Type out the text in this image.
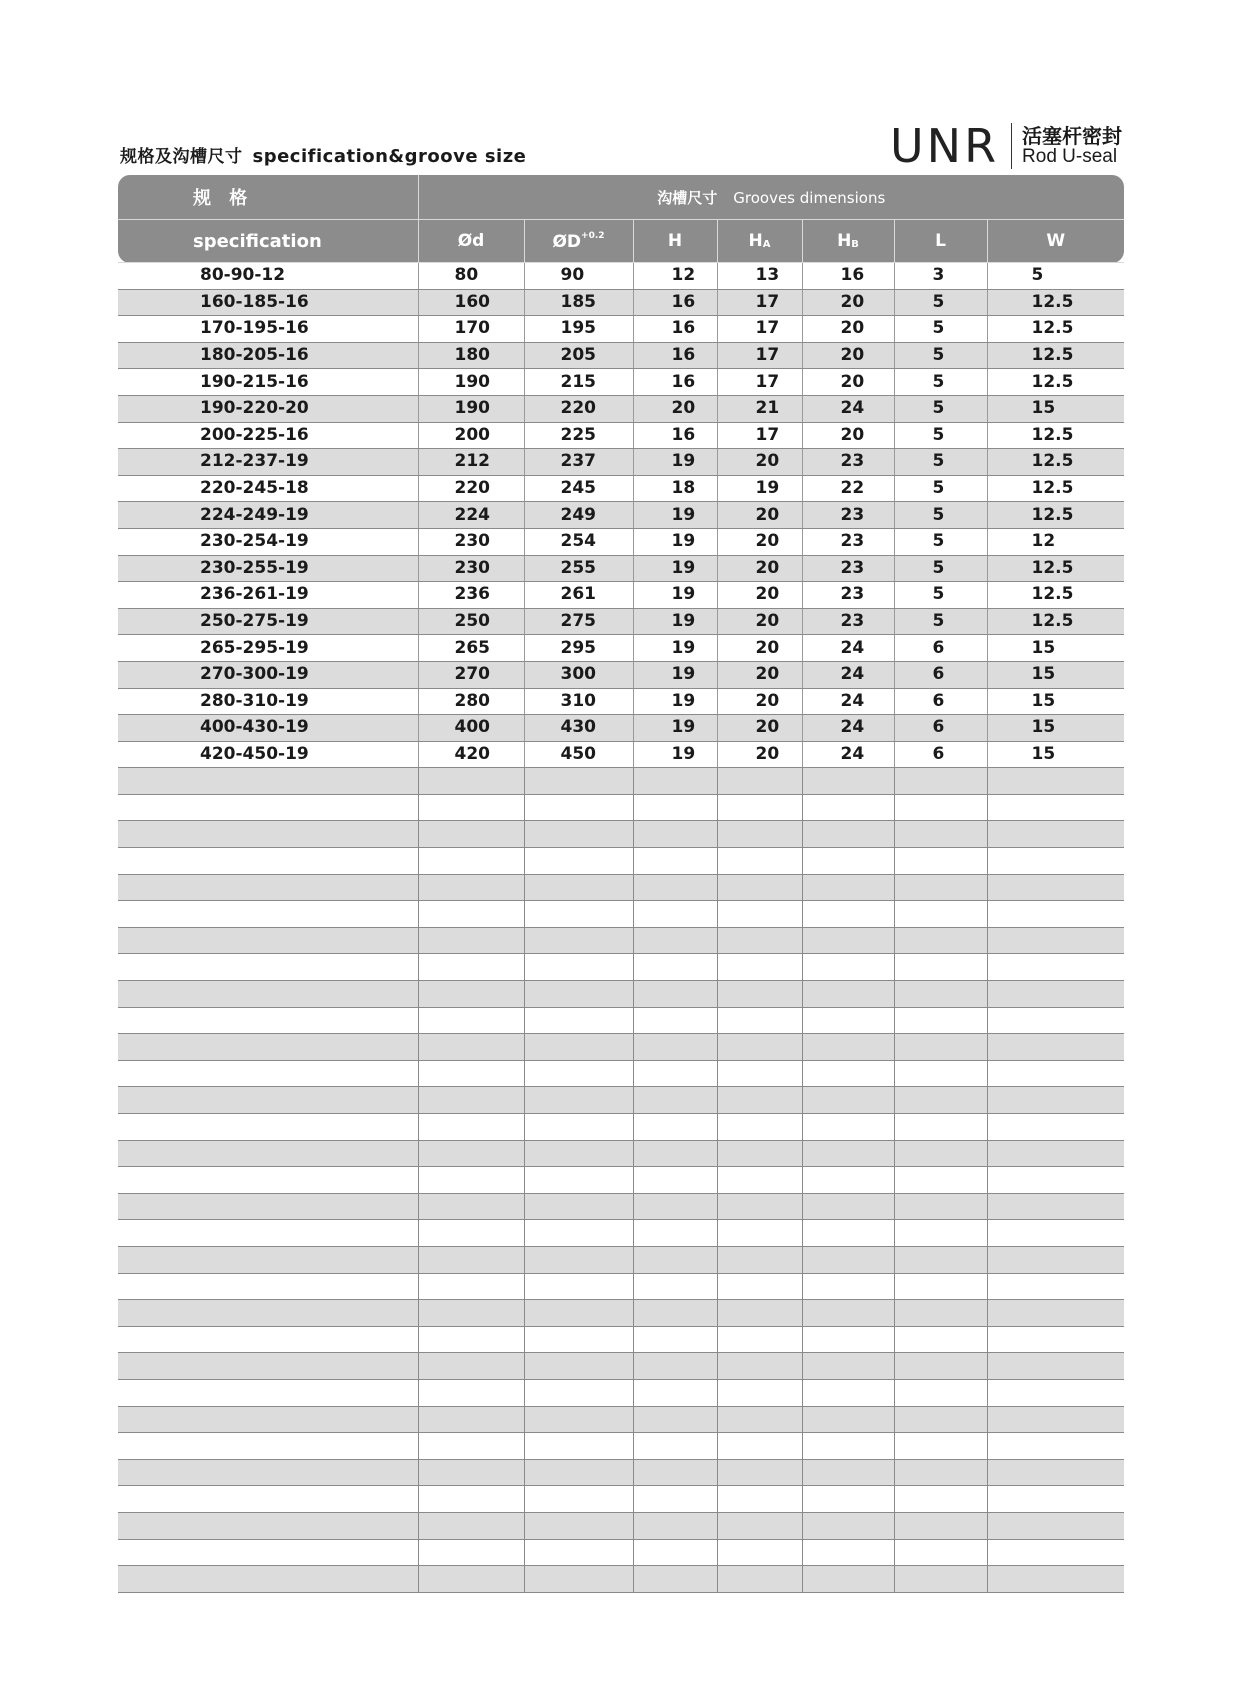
规格及沟槽尺寸 specification&groove size	UNR 活塞杆密封
Rod U-seal
规 格	沟槽尺寸 Grooves dimensions						
specification	Ød	$ØD^{+0.2}$	H	$H_A$	$H_B$	L	W
80-90-12	80	90	12	13	16	3	5
160-185-16	160	185	16	17	20	5	12.5
170-195-16	170	195	16	17	20	5	12.5
180-205-16	180	205	16	17	20	5	12.5
190-215-16	190	215	16	17	20	5	12.5
190-220-20	190	220	20	21	24	5	15
200-225-16	200	225	16	17	20	5	12.5
212-237-19	212	237	19	20	23	5	12.5
220-245-18	220	245	18	19	22	5	12.5
224-249-19	224	249	19	20	23	5	12.5
230-254-19	230	254	19	20	23	5	12
230-255-19	230	255	19	20	23	5	12.5
236-261-19	236	261	19	20	23	5	12.5
250-275-19	250	275	19	20	23	5	12.5
265-295-19	265	295	19	20	24	6	15
270-300-19	270	300	19	20	24	6	15
280-310-19	280	310	19	20	24	6	15
400-430-19	400	430	19	20	24	6	15
420-450-19	420	450	19	20	24	6	15
